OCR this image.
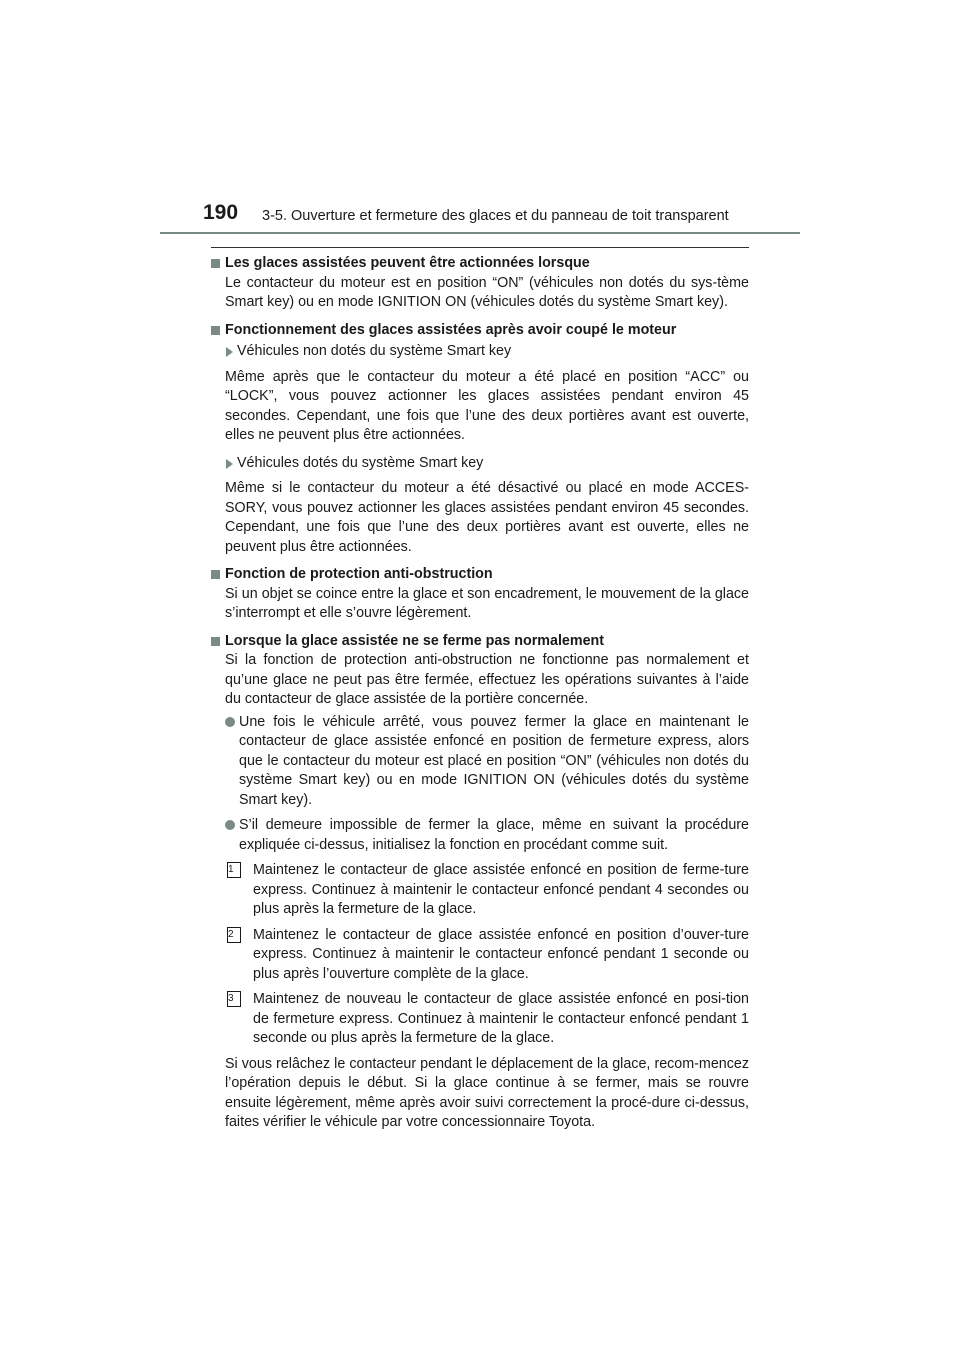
190 3-5. Ouverture et fermeture des glaces et du panneau de toit transparent

Les glaces assistées peuvent être actionnées lorsque

Le contacteur du moteur est en position “ON” (véhicules non dotés du sys-tème Smart key) ou en mode IGNITION ON (véhicules dotés du système Smart key).

Fonctionnement des glaces assistées après avoir coupé le moteur

Véhicules non dotés du système Smart key

Même après que le contacteur du moteur a été placé en position “ACC” ou “LOCK”, vous pouvez actionner les glaces assistées pendant environ 45 secondes. Cependant, une fois que l’une des deux portières avant est ouverte, elles ne peuvent plus être actionnées.

Véhicules dotés du système Smart key

Même si le contacteur du moteur a été désactivé ou placé en mode ACCES-SORY, vous pouvez actionner les glaces assistées pendant environ 45 secondes. Cependant, une fois que l’une des deux portières avant est ouverte, elles ne peuvent plus être actionnées.

Fonction de protection anti-obstruction

Si un objet se coince entre la glace et son encadrement, le mouvement de la glace s’interrompt et elle s’ouvre légèrement.

Lorsque la glace assistée ne se ferme pas normalement

Si la fonction de protection anti-obstruction ne fonctionne pas normalement et qu’une glace ne peut pas être fermée, effectuez les opérations suivantes à l’aide du contacteur de glace assistée de la portière concernée.

Une fois le véhicule arrêté, vous pouvez fermer la glace en maintenant le contacteur de glace assistée enfoncé en position de fermeture express, alors que le contacteur du moteur est placé en position “ON” (véhicules non dotés du système Smart key) ou en mode IGNITION ON (véhicules dotés du système Smart key).

S’il demeure impossible de fermer la glace, même en suivant la procédure expliquée ci-dessus, initialisez la fonction en procédant comme suit.

1	Maintenez le contacteur de glace assistée enfoncé en position de ferme-ture express. Continuez à maintenir le contacteur enfoncé pendant 4 secondes ou plus après la fermeture de la glace.

2	Maintenez le contacteur de glace assistée enfoncé en position d’ouver-ture express. Continuez à maintenir le contacteur enfoncé pendant 1 seconde ou plus après l’ouverture complète de la glace.

3	Maintenez de nouveau le contacteur de glace assistée enfoncé en posi-tion de fermeture express. Continuez à maintenir le contacteur enfoncé pendant 1 seconde ou plus après la fermeture de la glace.

Si vous relâchez le contacteur pendant le déplacement de la glace, recom-mencez l’opération depuis le début. Si la glace continue à se fermer, mais se rouvre ensuite légèrement, même après avoir suivi correctement la procé-dure ci-dessus, faites vérifier le véhicule par votre concessionnaire Toyota.
